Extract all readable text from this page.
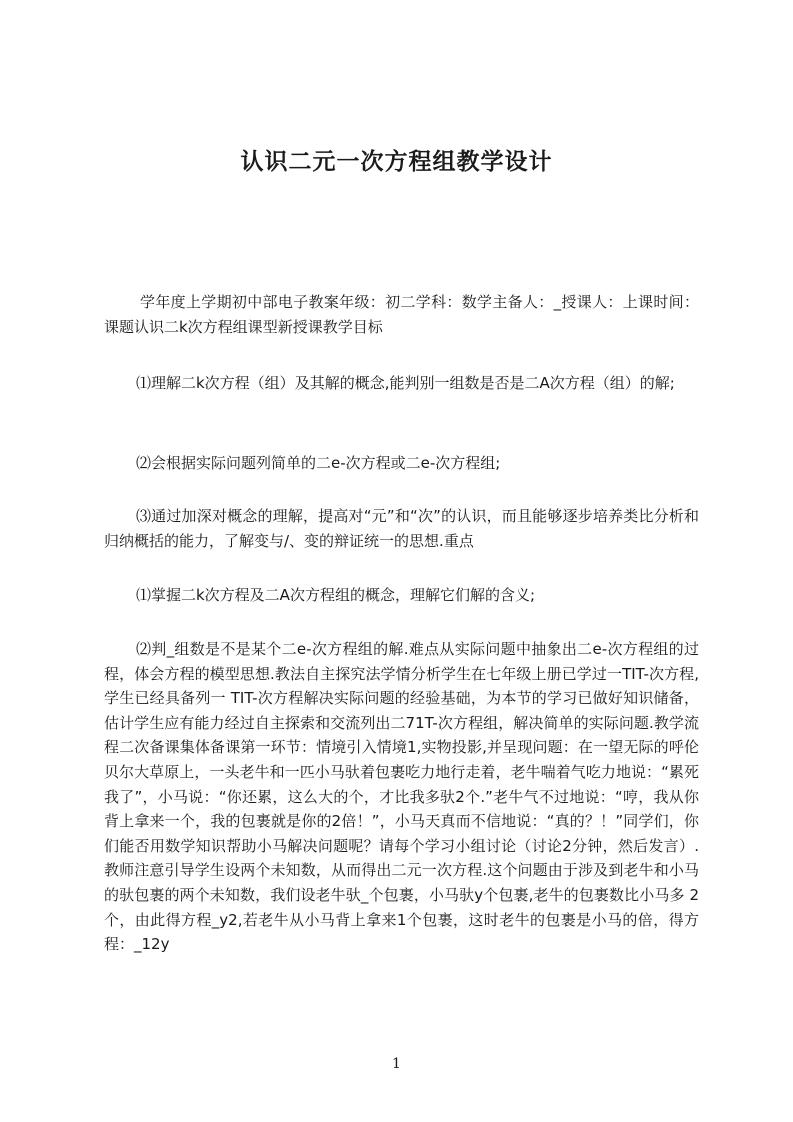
认识二元一次方程组教学设计

学年度上学期初中部电子教案年级：初二学科：数学主备人：_授课人：上课时间：课题认识二k次方程组课型新授课教学目标

⑴理解二k次方程（组）及其解的概念,能判别一组数是否是二A次方程（组）的解;

⑵会根据实际问题列简单的二e-次方程或二e-次方程组;

⑶通过加深对概念的理解，提高对“元”和“次”的认识，而且能够逐步培养类比分析和归纳概括的能力，了解变与/、变的辩证统一的思想.重点

⑴掌握二k次方程及二A次方程组的概念，理解它们解的含义;

⑵判_组数是不是某个二e-次方程组的解.难点从实际问题中抽象出二e-次方程组的过程，体会方程的模型思想.教法自主探究法学情分析学生在七年级上册已学过一TIT-次方程,学生已经具备列一 TIT-次方程解决实际问题的经验基础，为本节的学习已做好知识储备，估计学生应有能力经过自主探索和交流列出二71T-次方程组，解决简单的实际问题.教学流程二次备课集体备课第一环节：情境引入情境1,实物投影,并呈现问题：在一望无际的呼伦贝尔大草原上，一头老牛和一匹小马驮着包裹吃力地行走着，老牛喘着气吃力地说：“累死我了”，小马说：“你还累，这么大的个，才比我多驮2个.”老牛气不过地说：“哼，我从你背上拿来一个，我的包裹就是你的2倍！”，小马天真而不信地说：“真的？！”同学们，你们能否用数学知识帮助小马解决问题呢？请每个学习小组讨论（讨论2分钟，然后发言）.教师注意引导学生设两个未知数，从而得出二元一次方程.这个问题由于涉及到老牛和小马的驮包裹的两个未知数，我们设老牛驮_个包裹，小马驮y个包裹,老牛的包裹数比小马多 2个，由此得方程_y2,若老牛从小马背上拿来1个包裹，这时老牛的包裹是小马的倍，得方程：_12y

1
